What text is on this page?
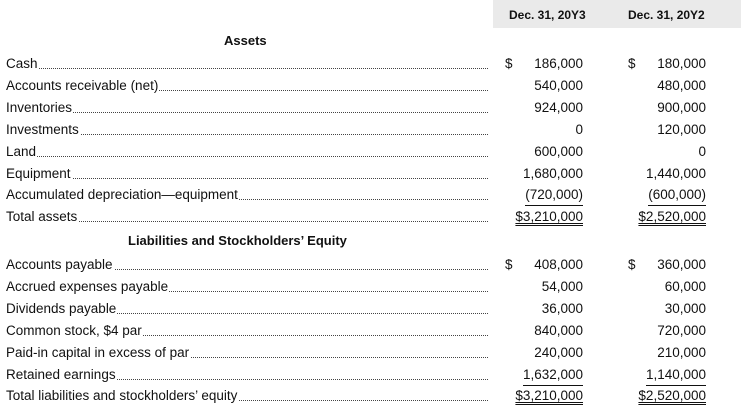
Dec. 31, 20Y3	Dec. 31, 20Y2
Assets
Liabilities and Stockholders’ Equity
Cash	$ 186,000	$ 180,000
Accounts receivable (net)	540,000	480,000
Inventories	924,000	900,000
Investments	0	120,000
Land	600,000	0
Equipment	1,680,000	1,440,000
Accumulated depreciation—equipment	(720,000)	(600,000)
Total assets	$3,210,000	$2,520,000
Accounts payable	$ 408,000	$ 360,000
Accrued expenses payable	54,000	60,000
Dividends payable	36,000	30,000
Common stock, $4 par	840,000	720,000
Paid-in capital in excess of par	240,000	210,000
Retained earnings	1,632,000	1,140,000
Total liabilities and stockholders’ equity	$3,210,000	$2,520,000
